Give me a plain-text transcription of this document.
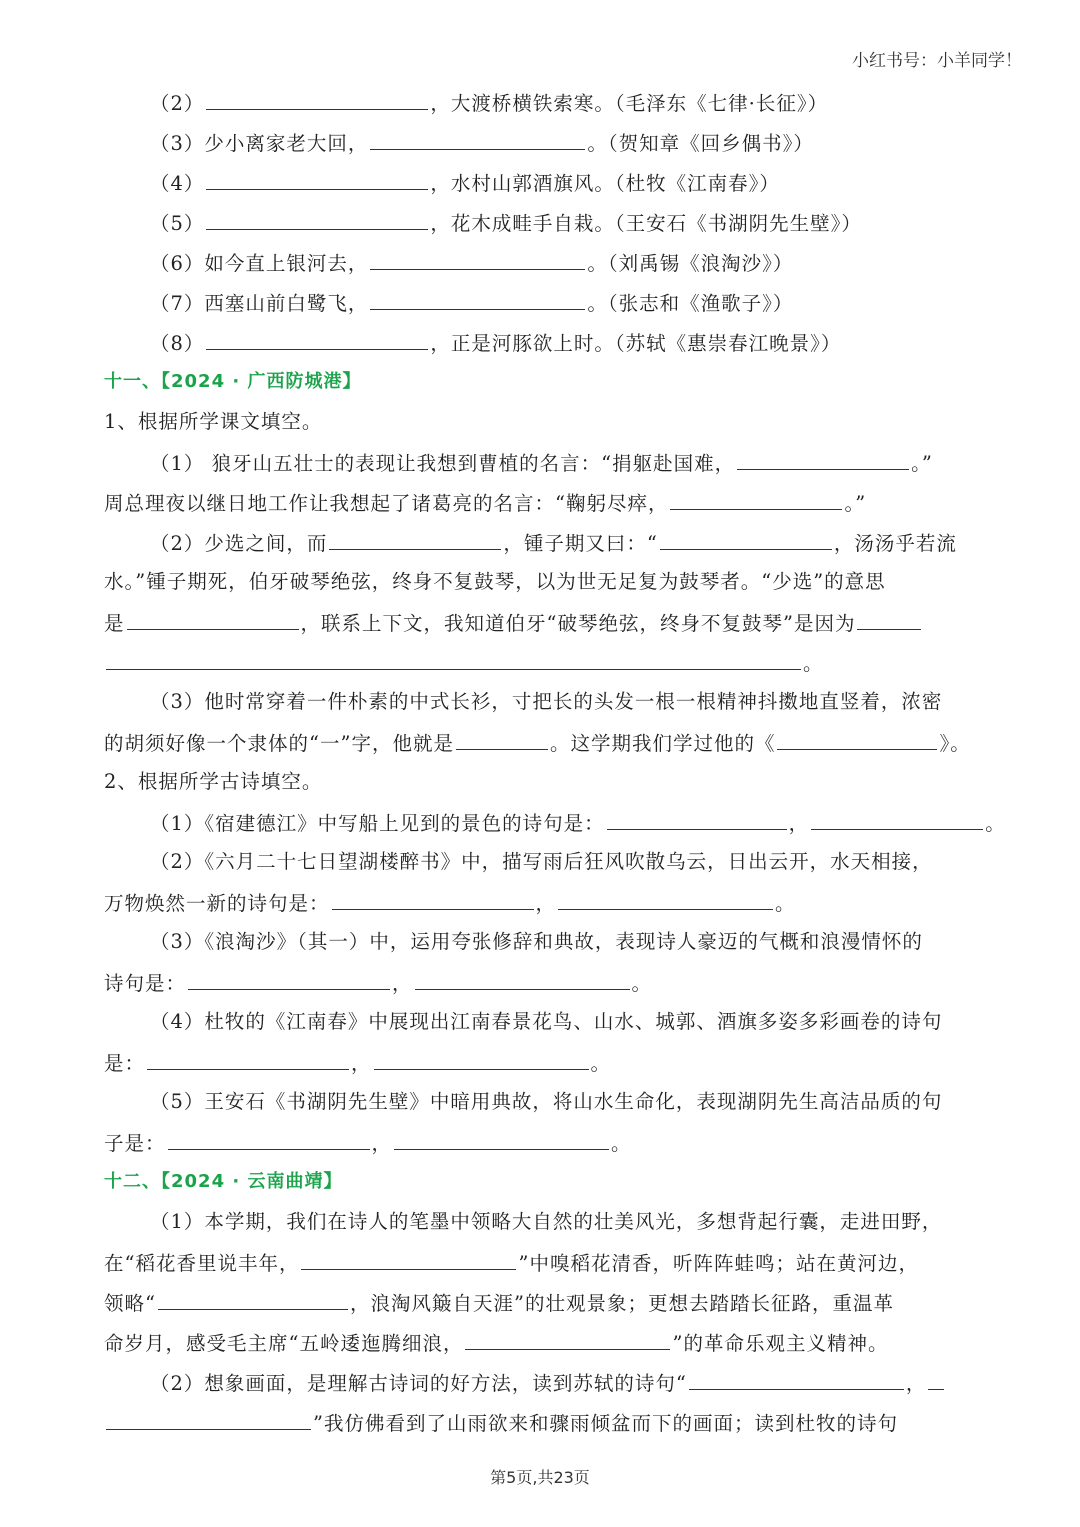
小红书号：小羊同学！
（2）	，大渡桥横铁索寒。（毛泽东《七律·长征》）
（3）少小离家老大回，	。（贺知章《回乡偶书》）
（4）	，水村山郭酒旗风。（杜牧《江南春》）
（5）	，花木成畦手自栽。（王安石《书湖阴先生壁》）
（6）如今直上银河去，	。（刘禹锡《浪淘沙》）
（7）西塞山前白鹭飞，	。（张志和《渔歌子》）
（8）	，正是河豚欲上时。（苏轼《惠崇春江晚景》）
十一、【2024 · 广西防城港】
1、根据所学课文填空。
（1） 狼牙山五壮士的表现让我想到曹植的名言：“捐躯赴国难，	。”
周总理夜以继日地工作让我想起了诸葛亮的名言：“鞠躬尽瘁，	。”
（2）少选之间，而	，锺子期又曰：“	，汤汤乎若流
水。”锺子期死，伯牙破琴绝弦，终身不复鼓琴，以为世无足复为鼓琴者。“少选”的意思
是	，联系上下文，我知道伯牙“破琴绝弦，终身不复鼓琴”是因为
。
（3）他时常穿着一件朴素的中式长衫，寸把长的头发一根一根精神抖擞地直竖着，浓密
的胡须好像一个隶体的“一”字，他就是	。这学期我们学过他的《	》。
2、根据所学古诗填空。
（1）《宿建德江》中写船上见到的景色的诗句是：	，	。
（2）《六月二十七日望湖楼醉书》中，描写雨后狂风吹散乌云，日出云开，水天相接，
万物焕然一新的诗句是：	，	。
（3）《浪淘沙》（其一）中，运用夸张修辞和典故，表现诗人豪迈的气概和浪漫情怀的
诗句是：	，	。
（4）杜牧的《江南春》中展现出江南春景花鸟、山水、城郭、酒旗多姿多彩画卷的诗句
是：	，	。
（5）王安石《书湖阴先生壁》中暗用典故，将山水生命化，表现湖阴先生高洁品质的句
子是：	，	。
十二、【2024 · 云南曲靖】
（1）本学期，我们在诗人的笔墨中领略大自然的壮美风光，多想背起行囊，走进田野，
在“稻花香里说丰年，	”中嗅稻花清香，听阵阵蛙鸣；站在黄河边，
领略“	，浪淘风簸自天涯”的壮观景象；更想去踏踏长征路，重温革
命岁月，感受毛主席“五岭逶迤腾细浪，	”的革命乐观主义精神。
（2）想象画面，是理解古诗词的好方法，读到苏轼的诗句“	，
”我仿佛看到了山雨欲来和骤雨倾盆而下的画面；读到杜牧的诗句
第5页,共23页
